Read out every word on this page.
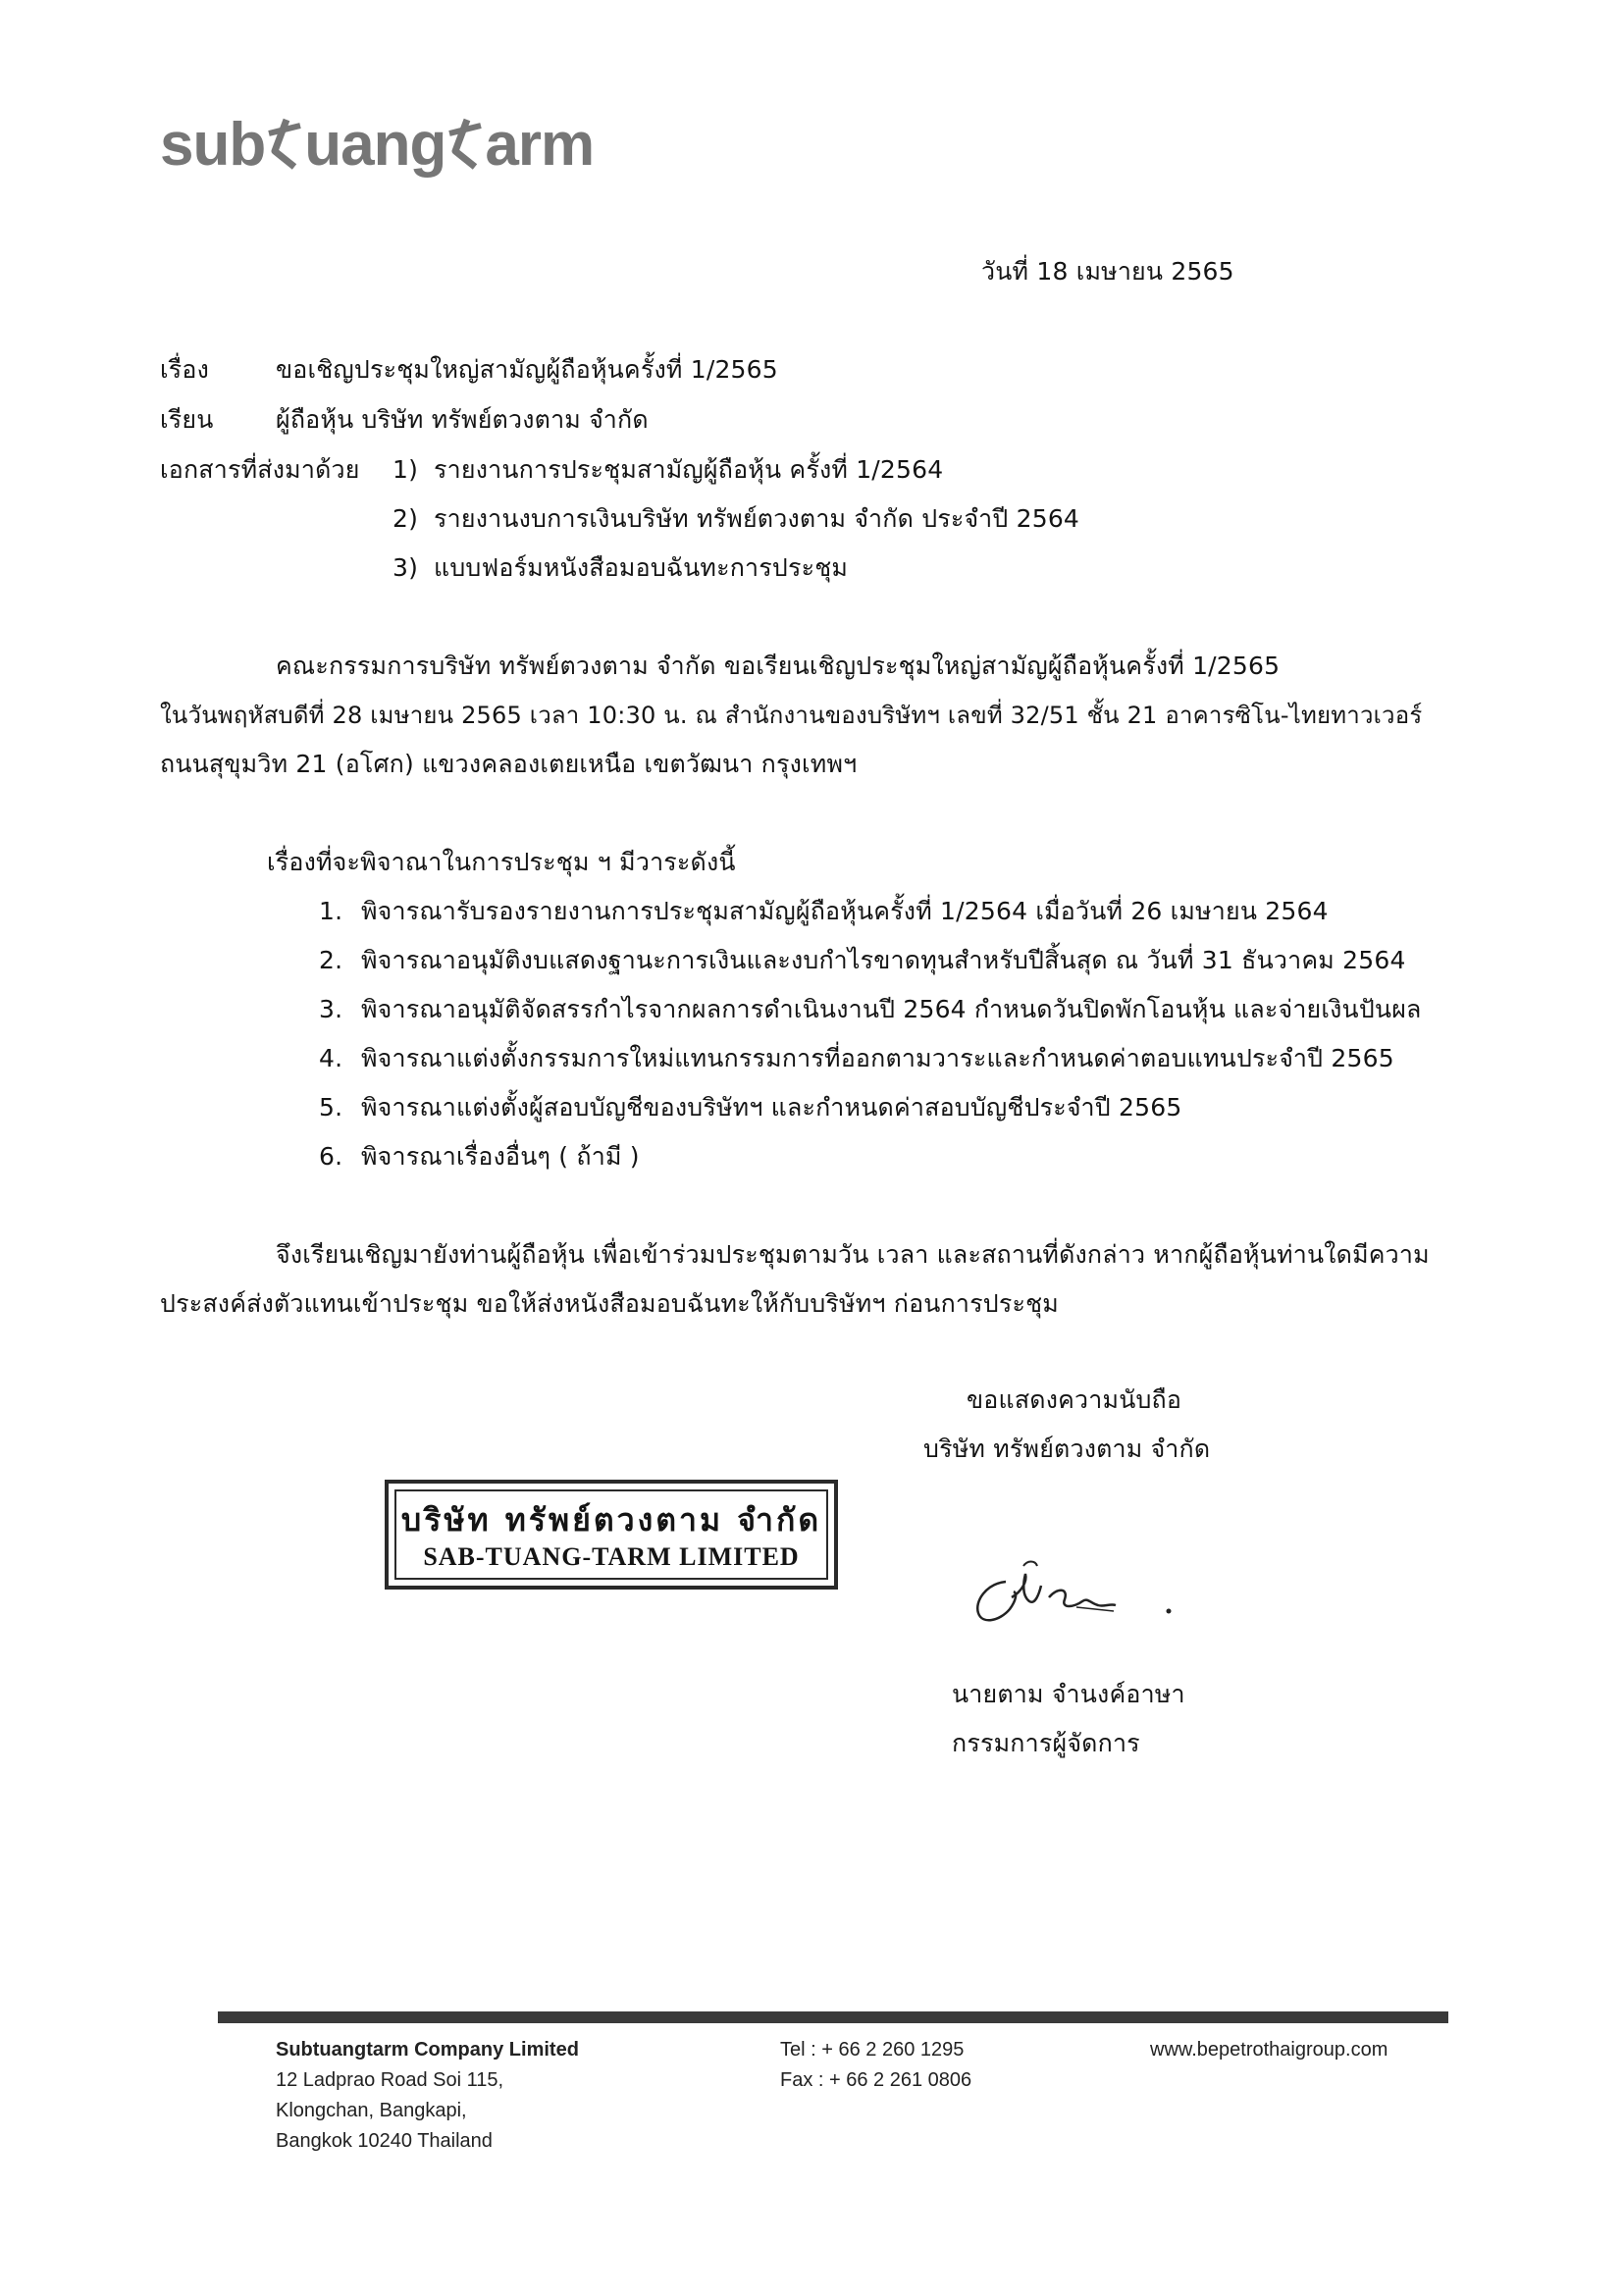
sub uang arm
วันที่ 18 เมษายน 2565
เรื่อง	ขอเชิญประชุมใหญ่สามัญผู้ถือหุ้นครั้งที่ 1/2565
เรียน	ผู้ถือหุ้น บริษัท ทรัพย์ตวงตาม จำกัด
เอกสารที่ส่งมาด้วย 1) รายงานการประชุมสามัญผู้ถือหุ้น ครั้งที่ 1/2564
2) รายงานงบการเงินบริษัท ทรัพย์ตวงตาม จำกัด ประจำปี 2564
3) แบบฟอร์มหนังสือมอบฉันทะการประชุม
คณะกรรมการบริษัท ทรัพย์ตวงตาม จำกัด ขอเรียนเชิญประชุมใหญ่สามัญผู้ถือหุ้นครั้งที่ 1/2565
ในวันพฤหัสบดีที่ 28 เมษายน 2565 เวลา 10:30 น. ณ สำนักงานของบริษัทฯ เลขที่ 32/51 ชั้น 21 อาคารซิโน-ไทยทาวเวอร์
ถนนสุขุมวิท 21 (อโศก) แขวงคลองเตยเหนือ เขตวัฒนา กรุงเทพฯ
เรื่องที่จะพิจาณาในการประชุม ฯ มีวาระดังนี้
1. พิจารณารับรองรายงานการประชุมสามัญผู้ถือหุ้นครั้งที่ 1/2564 เมื่อวันที่ 26 เมษายน 2564
2. พิจารณาอนุมัติงบแสดงฐานะการเงินและงบกำไรขาดทุนสำหรับปีสิ้นสุด ณ วันที่ 31 ธันวาคม 2564
3. พิจารณาอนุมัติจัดสรรกำไรจากผลการดำเนินงานปี 2564 กำหนดวันปิดพักโอนหุ้น และจ่ายเงินปันผล
4. พิจารณาแต่งตั้งกรรมการใหม่แทนกรรมการที่ออกตามวาระและกำหนดค่าตอบแทนประจำปี 2565
5. พิจารณาแต่งตั้งผู้สอบบัญชีของบริษัทฯ และกำหนดค่าสอบบัญชีประจำปี 2565
6. พิจารณาเรื่องอื่นๆ ( ถ้ามี )
จึงเรียนเชิญมายังท่านผู้ถือหุ้น เพื่อเข้าร่วมประชุมตามวัน เวลา และสถานที่ดังกล่าว หากผู้ถือหุ้นท่านใดมีความ
ประสงค์ส่งตัวแทนเข้าประชุม ขอให้ส่งหนังสือมอบฉันทะให้กับบริษัทฯ ก่อนการประชุม
ขอแสดงความนับถือ
บริษัท ทรัพย์ตวงตาม จำกัด
บริษัท ทรัพย์ตวงตาม จำกัด
SAB-TUANG-TARM LIMITED
นายตาม จำนงค์อาษา
กรรมการผู้จัดการ
Subtuangtarm Company Limited
12 Ladprao Road Soi 115,
Klongchan, Bangkapi,
Bangkok 10240 Thailand
Tel : + 66 2 260 1295
Fax : + 66 2 261 0806
www.bepetrothaigroup.com
